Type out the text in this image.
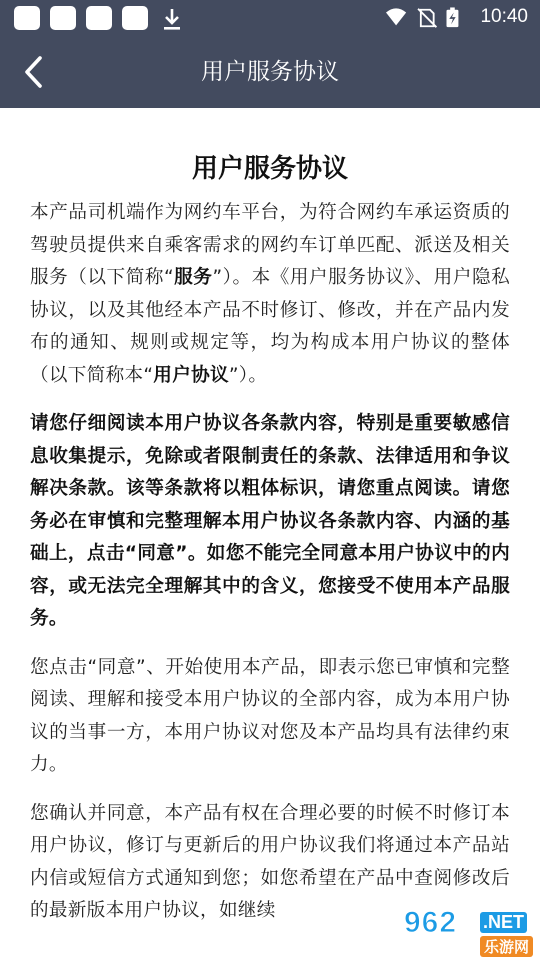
10:40
用户服务协议
用户服务协议

本产品司机端作为网约车平台，为符合网约车承运资质的驾驶员提供来自乘客需求的网约车订单匹配、派送及相关服务（以下简称“服务”）。本《用户服务协议》、用户隐私协议，以及其他经本产品不时修订、修改，并在产品内发布的通知、规则或规定等，均为构成本用户协议的整体（以下简称本“用户协议”）。

请您仔细阅读本用户协议各条款内容，特别是重要敏感信息收集提示，免除或者限制责任的条款、法律适用和争议解决条款。该等条款将以粗体标识，请您重点阅读。请您务必在审慎和完整理解本用户协议各条款内容、内涵的基础上，点击“同意”。如您不能完全同意本用户协议中的内容，或无法完全理解其中的含义，您接受不使用本产品服务。

您点击“同意”、开始使用本产品，即表示您已审慎和完整阅读、理解和接受本用户协议的全部内容，成为本用户协议的当事一方，本用户协议对您及本产品均具有法律约束力。

您确认并同意，本产品有权在合理必要的时候不时修订本用户协议，修订与更新后的用户协议我们将通过本产品站内信或短信方式通知到您；如您希望在产品中查阅修改后的最新版本用户协议，如继续	962 .NET
乐游网
